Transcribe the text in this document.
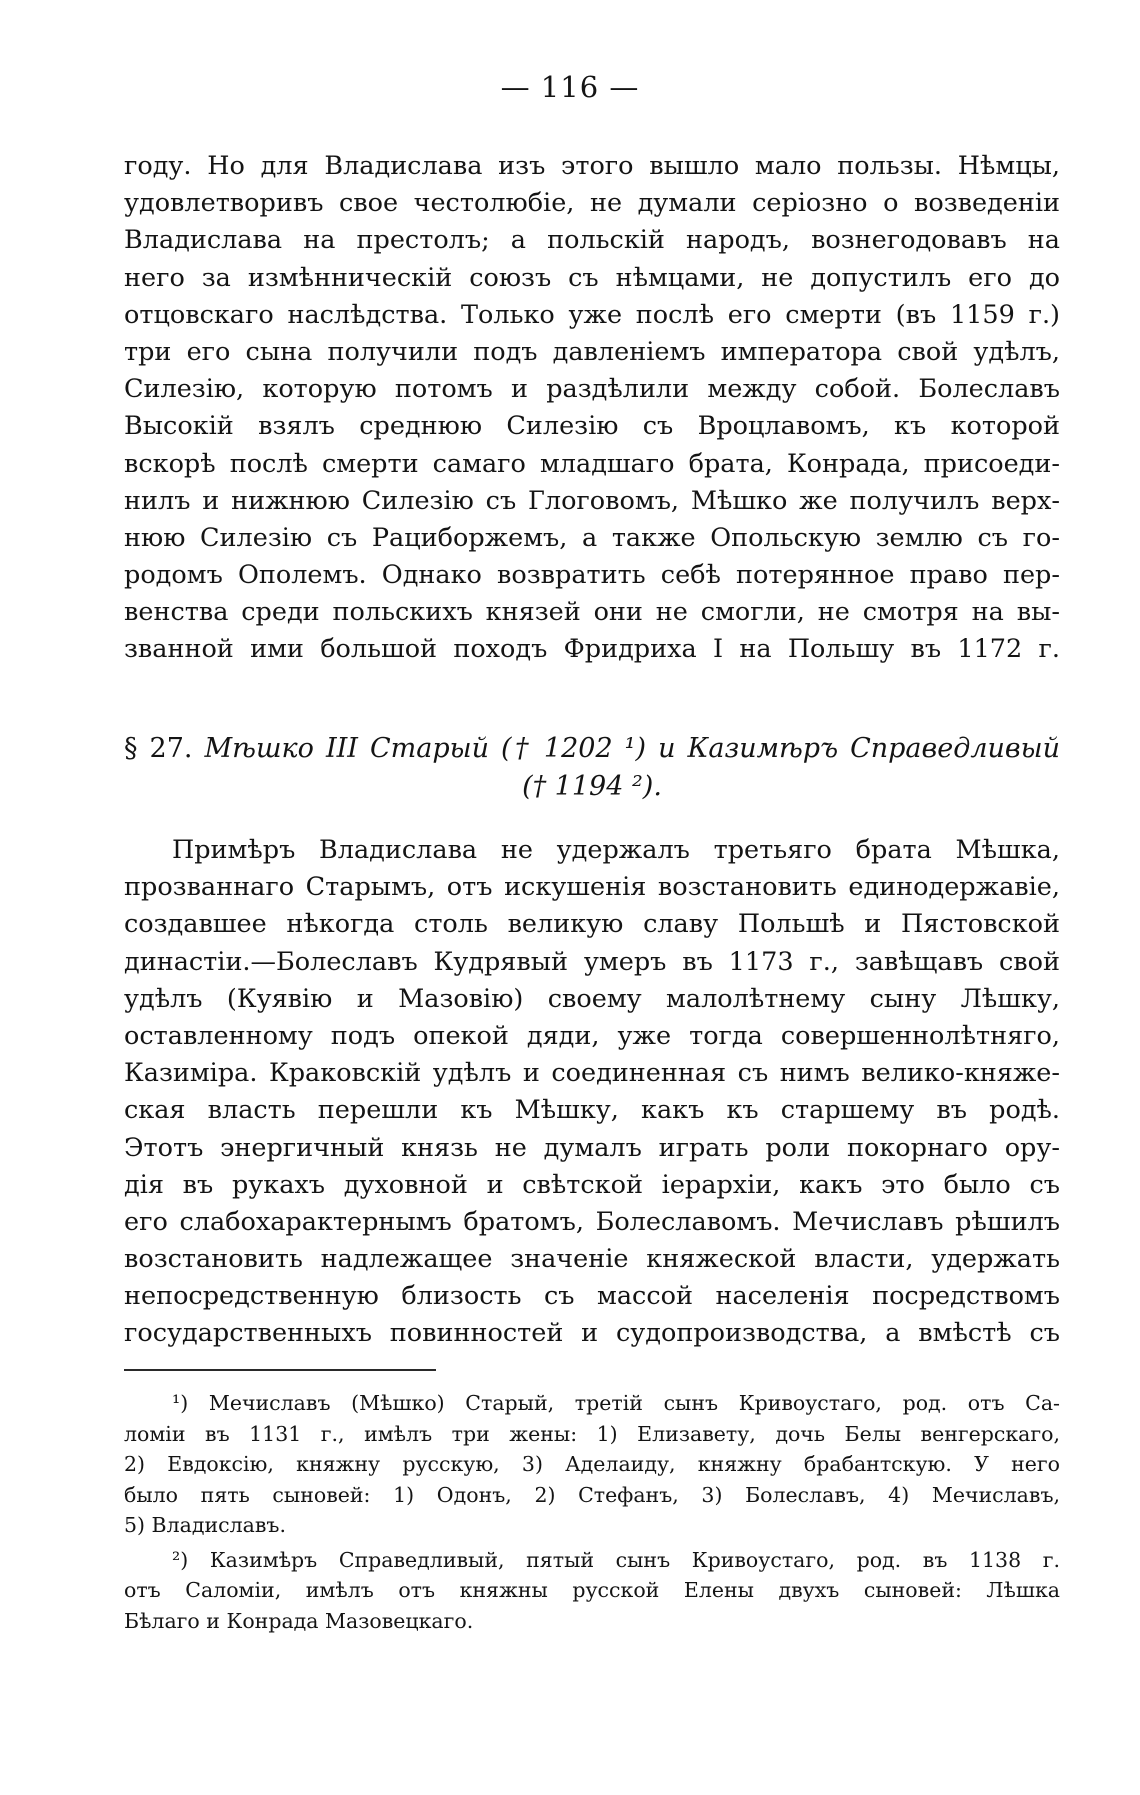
— 116 —
году. Но для Владислава изъ этого вышло мало пользы. Нѣмцы,
удовлетворивъ свое честолюбіе, не думали серіозно о возведеніи
Владислава на престолъ; а польскій народъ, вознегодовавъ на
него за измѣнническій союзъ съ нѣмцами, не допустилъ его до
отцовскаго наслѣдства. Только уже послѣ его смерти (въ 1159 г.)
три его сына получили подъ давленіемъ императора свой удѣлъ,
Силезію, которую потомъ и раздѣлили между собой. Болеславъ
Высокій взялъ среднюю Силезію съ Вроцлавомъ, къ которой
вскорѣ послѣ смерти самаго младшаго брата, Конрада, присоеди-
нилъ и нижнюю Силезію съ Глоговомъ, Мѣшко же получилъ верх-
нюю Силезію съ Рациборжемъ, а также Опольскую землю съ го-
родомъ Ополемъ. Однако возвратить себѣ потерянное право пер-
венства среди польскихъ князей они не смогли, не смотря на вы-
званной ими большой походъ Фридриха I на Польшу въ 1172 г.
§ 27. Мѣшко III Старый († 1202 ¹) и Казимѣръ Справедливый
(† 1194 ²).
Примѣръ Владислава не удержалъ третьяго брата Мѣшка,
прозваннаго Старымъ, отъ искушенія возстановить единодержавіе,
создавшее нѣкогда столь великую славу Польшѣ и Пястовской
династіи.—Болеславъ Кудрявый умеръ въ 1173 г., завѣщавъ свой
удѣлъ (Куявію и Мазовію) своему малолѣтнему сыну Лѣшку,
оставленному подъ опекой дяди, уже тогда совершеннолѣтняго,
Казиміра. Краковскій удѣлъ и соединенная съ нимъ велико-княже-
ская власть перешли къ Мѣшку, какъ къ старшему въ родѣ.
Этотъ энергичный князь не думалъ играть роли покорнаго ору-
дія въ рукахъ духовной и свѣтской іерархіи, какъ это было съ
его слабохарактернымъ братомъ, Болеславомъ. Мечиславъ рѣшилъ
возстановить надлежащее значеніе княжеской власти, удержать
непосредственную близость съ массой населенія посредствомъ
государственныхъ повинностей и судопроизводства, а вмѣстѣ съ
¹) Мечиславъ (Мѣшко) Старый, третій сынъ Кривоустаго, род. отъ Са-
ломіи въ 1131 г., имѣлъ три жены: 1) Елизавету, дочь Белы венгерскаго,
2) Евдоксію, княжну русскую, 3) Аделаиду, княжну брабантскую. У него
было пять сыновей: 1) Одонъ, 2) Стефанъ, 3) Болеславъ, 4) Мечиславъ,
5) Владиславъ.
²) Казимѣръ Справедливый, пятый сынъ Кривоустаго, род. въ 1138 г.
отъ Саломіи, имѣлъ отъ княжны русской Елены двухъ сыновей: Лѣшка
Бѣлаго и Конрада Мазовецкаго.
